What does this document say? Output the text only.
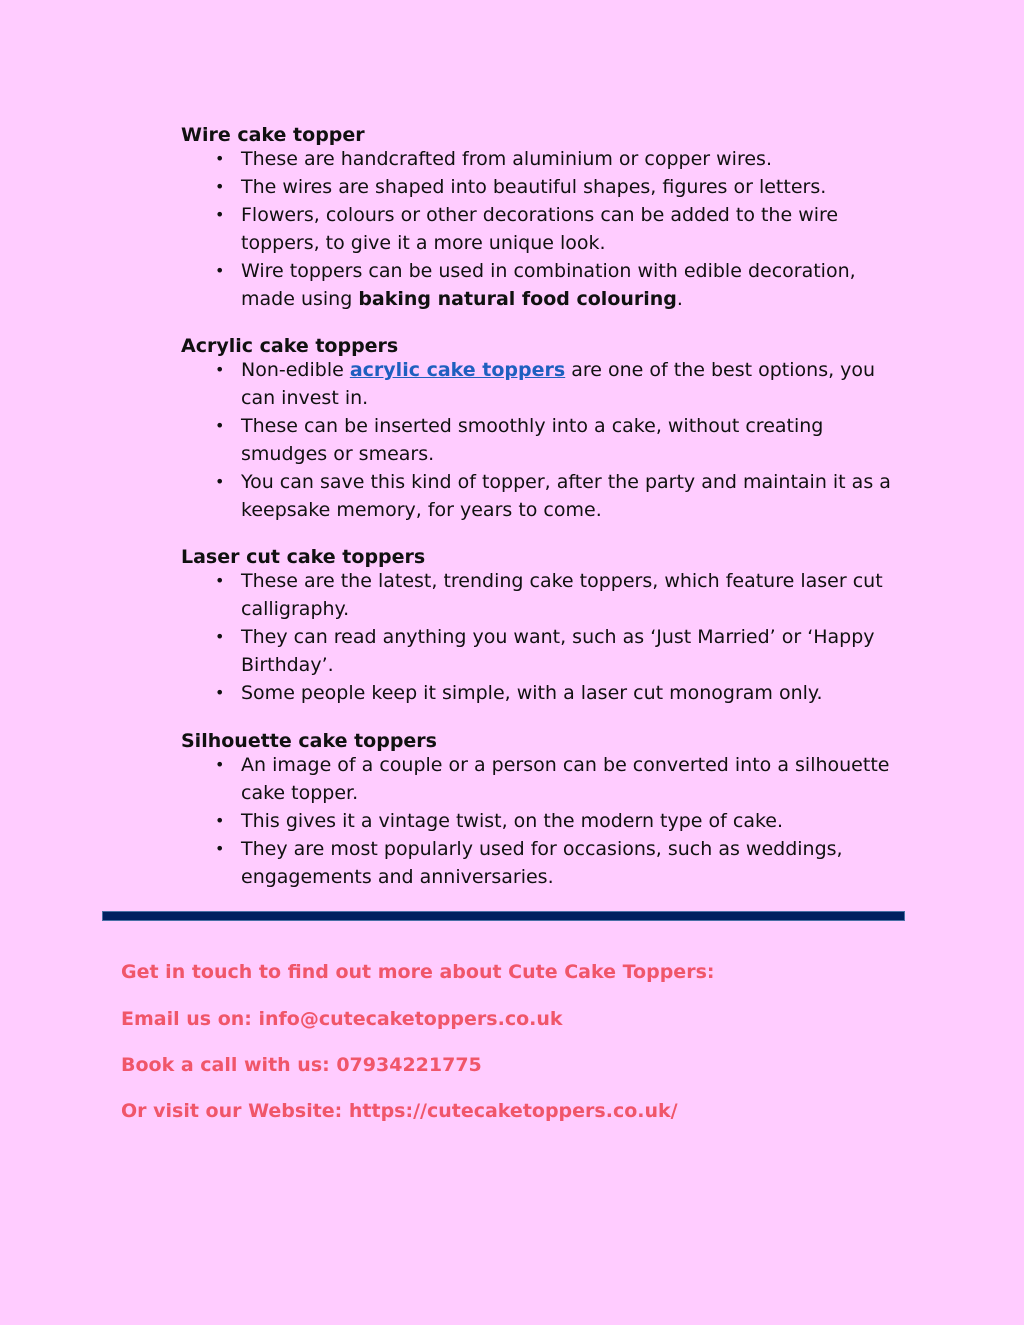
Wire cake topper
• These are handcrafted from aluminium or copper wires.
• The wires are shaped into beautiful shapes, figures or letters.
• Flowers, colours or other decorations can be added to the wire toppers, to give it a more unique look.
• Wire toppers can be used in combination with edible decoration, made using baking natural food colouring.
Acrylic cake toppers
• Non-edible acrylic cake toppers are one of the best options, you can invest in.
• These can be inserted smoothly into a cake, without creating smudges or smears.
• You can save this kind of topper, after the party and maintain it as a keepsake memory, for years to come.
Laser cut cake toppers
• These are the latest, trending cake toppers, which feature laser cut calligraphy.
• They can read anything you want, such as ‘Just Married’ or ‘Happy Birthday’.
• Some people keep it simple, with a laser cut monogram only.
Silhouette cake toppers
• An image of a couple or a person can be converted into a silhouette cake topper.
• This gives it a vintage twist, on the modern type of cake.
• They are most popularly used for occasions, such as weddings, engagements and anniversaries.

Get in touch to find out more about Cute Cake Toppers:

Email us on: info@cutecaketoppers.co.uk

Book a call with us: 07934221775

Or visit our Website: https://cutecaketoppers.co.uk/
